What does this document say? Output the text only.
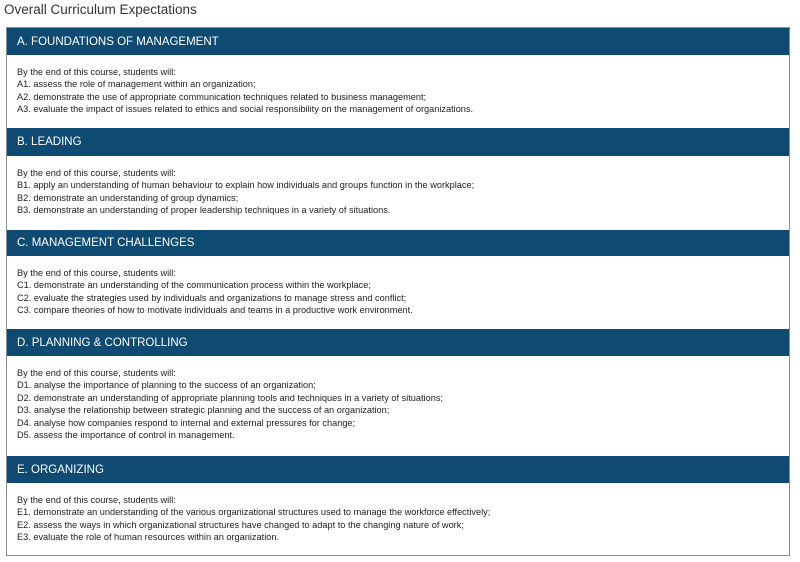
Overall Curriculum Expectations
A. FOUNDATIONS OF MANAGEMENT
By the end of this course, students will:
A1. assess the role of management within an organization;
A2. demonstrate the use of appropriate communication techniques related to business management;
A3. evaluate the impact of issues related to ethics and social responsibility on the management of organizations.
B. LEADING
By the end of this course, students will:
B1. apply an understanding of human behaviour to explain how individuals and groups function in the workplace;
B2. demonstrate an understanding of group dynamics;
B3. demonstrate an understanding of proper leadership techniques in a variety of situations.
C. MANAGEMENT CHALLENGES
By the end of this course, students will:
C1. demonstrate an understanding of the communication process within the workplace;
C2. evaluate the strategies used by individuals and organizations to manage stress and conflict;
C3. compare theories of how to motivate individuals and teams in a productive work environment.
D. PLANNING & CONTROLLING
By the end of this course, students will:
D1. analyse the importance of planning to the success of an organization;
D2. demonstrate an understanding of appropriate planning tools and techniques in a variety of situations;
D3. analyse the relationship between strategic planning and the success of an organization;
D4. analyse how companies respond to internal and external pressures for change;
D5. assess the importance of control in management.
E. ORGANIZING
By the end of this course, students will:
E1. demonstrate an understanding of the various organizational structures used to manage the workforce effectively;
E2. assess the ways in which organizational structures have changed to adapt to the changing nature of work;
E3. evaluate the role of human resources within an organization.
